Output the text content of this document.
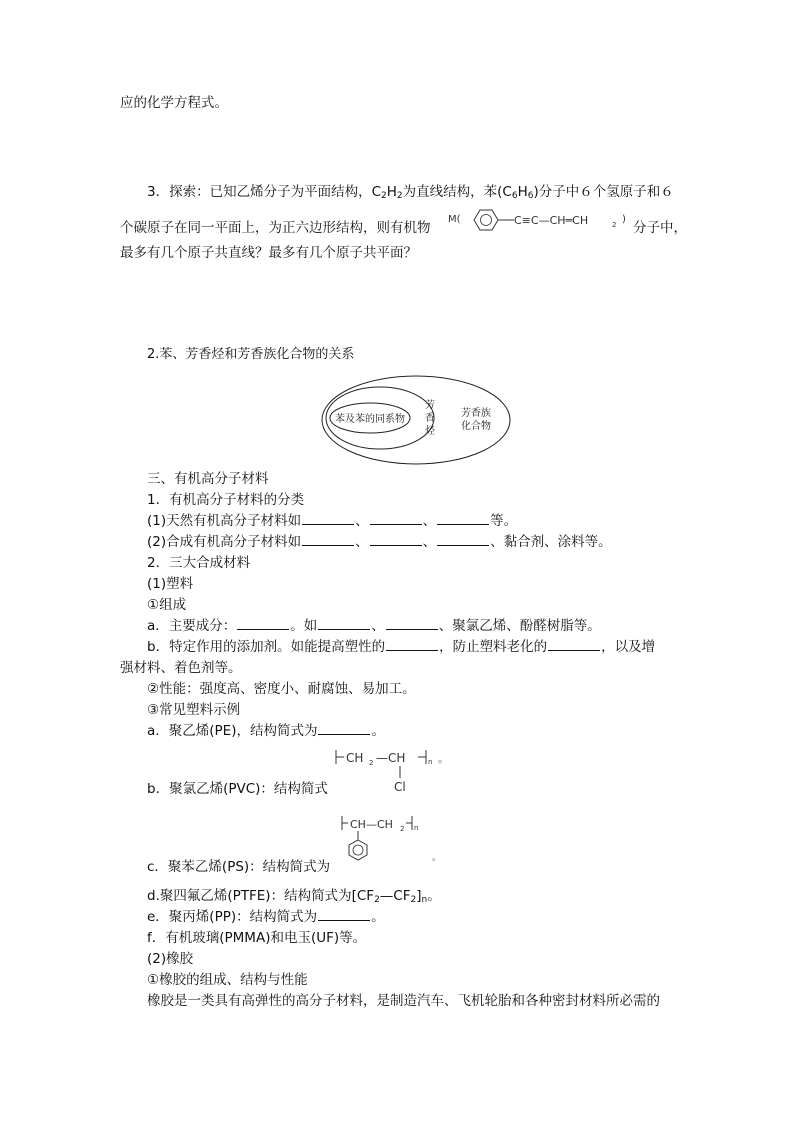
应的化学方程式。
3．探索：已知乙烯分子为平面结构，$C_2H_2$为直线结构，苯$(C_6H_6)$分子中６个氢原子和６
个碳原子在同一平面上，为正六边形结构，则有机物
M(	C≡C—CH═CH	2 )
分子中，
最多有几个原子共直线？最多有几个原子共平面？
2.苯、芳香烃和芳香族化合物的关系
苯及苯的同系物
芳
香
烃
芳香族
化合物
三、有机高分子材料
1．有机高分子材料的分类
(1)天然有机高分子材料如	、	、	等。
(2)合成有机高分子材料如	、	、	、黏合剂、涂料等。
2．三大合成材料
(1)塑料
①组成
a．主要成分：	。如	、	、聚氯乙烯、酚醛树脂等。
b．特定作用的添加剂。如能提高塑性的	，防止塑料老化的	，以及增
强材料、着色剂等。
②性能：强度高、密度小、耐腐蚀、易加工。
③常见塑料示例
a．聚乙烯(PE)，结构简式为	。
CH 2 —CH	n 。
Cl
b．聚氯乙烯(PVC)：结构简式
CH—CH 2 n
。
c．聚苯乙烯(PS)：结构简式为
d.聚四氟乙烯(PTFE)：结构简式为$[CF_2—CF_2]_n$。
e．聚丙烯(PP)：结构简式为	。
f．有机玻璃(PMMA)和电玉(UF)等。
(2)橡胶
①橡胶的组成、结构与性能
橡胶是一类具有高弹性的高分子材料，是制造汽车、飞机轮胎和各种密封材料所必需的
